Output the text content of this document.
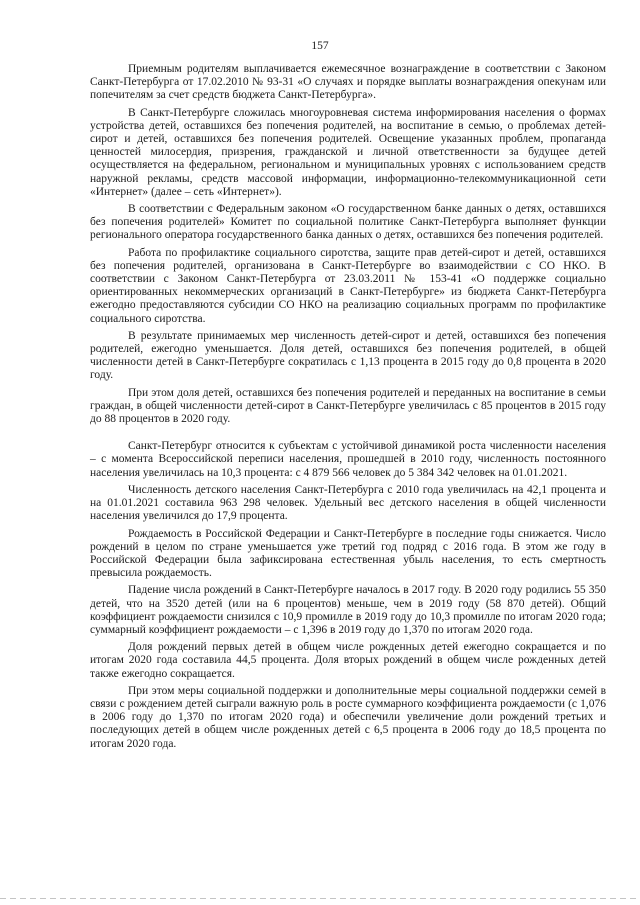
157

Приемным родителям выплачивается ежемесячное вознаграждение в соответствии с Законом Санкт-Петербурга от 17.02.2010 № 93-31 «О случаях и порядке выплаты вознаграждения опекунам или попечителям за счет средств бюджета Санкт-Петербурга».

В Санкт-Петербурге сложилась многоуровневая система информирования населения о формах устройства детей, оставшихся без попечения родителей, на воспитание в семью, о проблемах детей-сирот и детей, оставшихся без попечения родителей. Освещение указанных проблем, пропаганда ценностей милосердия, призрения, гражданской и личной ответственности за будущее детей осуществляется на федеральном, региональном и муниципальных уровнях с использованием средств наружной рекламы, средств массовой информации, информационно-телекоммуникационной сети «Интернет» (далее – сеть «Интернет»).

В соответствии с Федеральным законом «О государственном банке данных о детях, оставшихся без попечения родителей» Комитет по социальной политике Санкт-Петербурга выполняет функции регионального оператора государственного банка данных о детях, оставшихся без попечения родителей.

Работа по профилактике социального сиротства, защите прав детей-сирот и детей, оставшихся без попечения родителей, организована в Санкт-Петербурге во взаимодействии с СО НКО. В соответствии с Законом Санкт-Петербурга от 23.03.2011 № 153-41 «О поддержке социально ориентированных некоммерческих организаций в Санкт-Петербурге» из бюджета Санкт-Петербурга ежегодно предоставляются субсидии СО НКО на реализацию социальных программ по профилактике социального сиротства.

В результате принимаемых мер численность детей-сирот и детей, оставшихся без попечения родителей, ежегодно уменьшается. Доля детей, оставшихся без попечения родителей, в общей численности детей в Санкт-Петербурге сократилась с 1,13 процента в 2015 году до 0,8 процента в 2020 году.

При этом доля детей, оставшихся без попечения родителей и переданных на воспитание в семьи граждан, в общей численности детей-сирот в Санкт-Петербурге увеличилась с 85 процентов в 2015 году до 88 процентов в 2020 году.

Санкт-Петербург относится к субъектам с устойчивой динамикой роста численности населения – с момента Всероссийской переписи населения, прошедшей в 2010 году, численность постоянного населения увеличилась на 10,3 процента: с 4 879 566 человек до 5 384 342 человек на 01.01.2021.

Численность детского населения Санкт-Петербурга с 2010 года увеличилась на 42,1 процента и на 01.01.2021 составила 963 298 человек. Удельный вес детского населения в общей численности населения увеличился до 17,9 процента.

Рождаемость в Российской Федерации и Санкт-Петербурге в последние годы снижается. Число рождений в целом по стране уменьшается уже третий год подряд с 2016 года. В этом же году в Российской Федерации была зафиксирована естественная убыль населения, то есть смертность превысила рождаемость.

Падение числа рождений в Санкт-Петербурге началось в 2017 году. В 2020 году родились 55 350 детей, что на 3520 детей (или на 6 процентов) меньше, чем в 2019 году (58 870 детей). Общий коэффициент рождаемости снизился с 10,9 промилле в 2019 году до 10,3 промилле по итогам 2020 года; суммарный коэффициент рождаемости – с 1,396 в 2019 году до 1,370 по итогам 2020 года.

Доля рождений первых детей в общем числе рожденных детей ежегодно сокращается и по итогам 2020 года составила 44,5 процента. Доля вторых рождений в общем числе рожденных детей также ежегодно сокращается.

При этом меры социальной поддержки и дополнительные меры социальной поддержки семей в связи с рождением детей сыграли важную роль в росте суммарного коэффициента рождаемости (с 1,076 в 2006 году до 1,370 по итогам 2020 года) и обеспечили увеличение доли рождений третьих и последующих детей в общем числе рожденных детей с 6,5 процента в 2006 году до 18,5 процента по итогам 2020 года.
